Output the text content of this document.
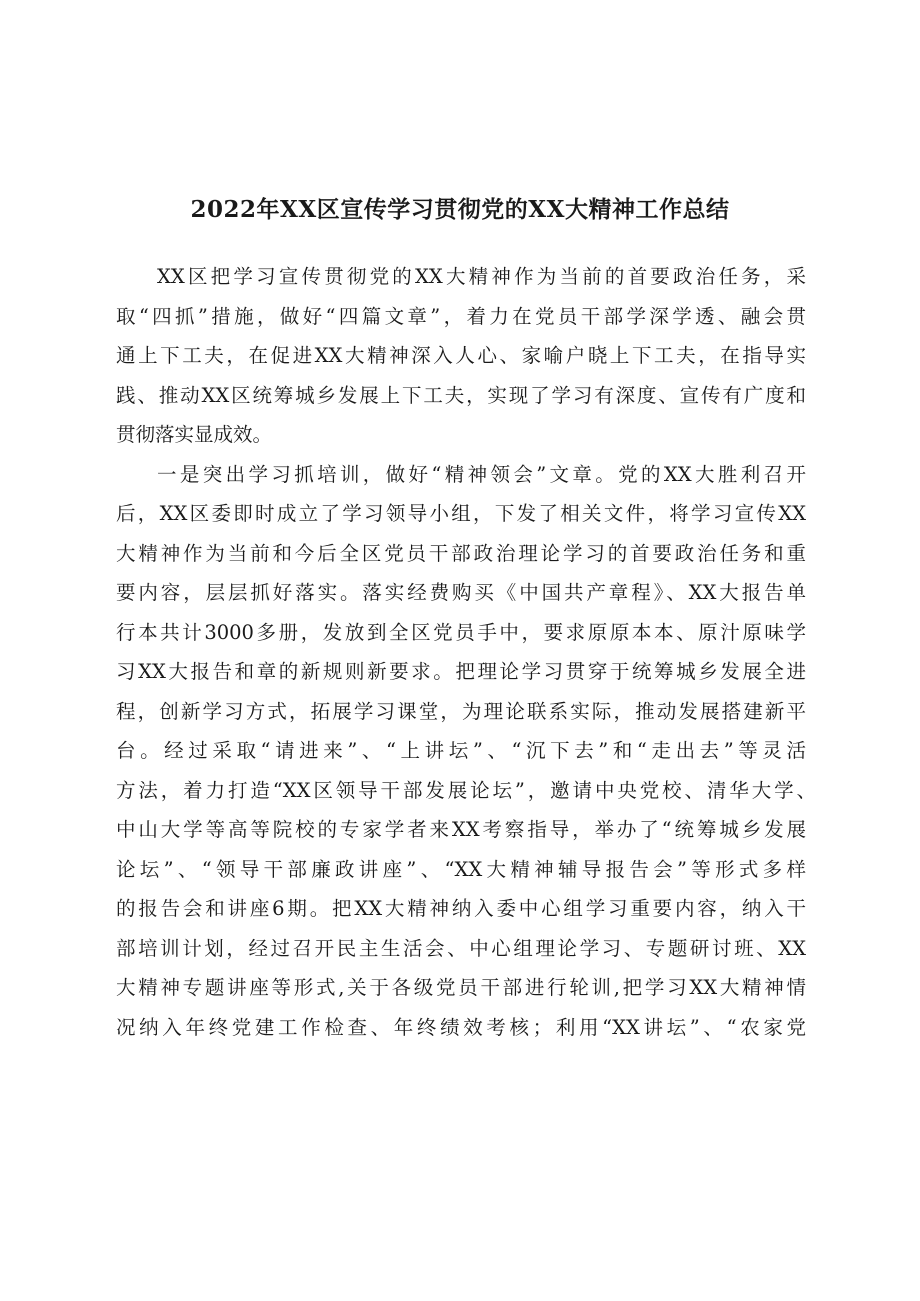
2022年XX区宣传学习贯彻党的XX大精神工作总结

XX区把学习宣传贯彻党的XX大精神作为当前的首要政治任务，采

取“四抓”措施，做好“四篇文章”，着力在党员干部学深学透、融会贯

通上下工夫，在促进XX大精神深入人心、家喻户晓上下工夫，在指导实

践、推动XX区统筹城乡发展上下工夫，实现了学习有深度、宣传有广度和

贯彻落实显成效。

一是突出学习抓培训，做好“精神领会”文章。党的XX大胜利召开

后，XX区委即时成立了学习领导小组，下发了相关文件，将学习宣传XX

大精神作为当前和今后全区党员干部政治理论学习的首要政治任务和重

要内容，层层抓好落实。落实经费购买《中国共产章程》、XX大报告单

行本共计3000多册，发放到全区党员手中，要求原原本本、原汁原味学

习XX大报告和章的新规则新要求。把理论学习贯穿于统筹城乡发展全进

程，创新学习方式，拓展学习课堂，为理论联系实际，推动发展搭建新平

台。经过采取“请进来”、“上讲坛”、“沉下去”和“走出去”等灵活

方法，着力打造“XX区领导干部发展论坛”，邀请中央党校、清华大学、

中山大学等高等院校的专家学者来XX考察指导，举办了“统筹城乡发展

论坛”、“领导干部廉政讲座”、“XX大精神辅导报告会”等形式多样

的报告会和讲座6期。把XX大精神纳入委中心组学习重要内容，纳入干

部培训计划，经过召开民主生活会、中心组理论学习、专题研讨班、XX

大精神专题讲座等形式,关于各级党员干部进行轮训,把学习XX大精神情

况纳入年终党建工作检查、年终绩效考核；利用“XX讲坛”、“农家党
